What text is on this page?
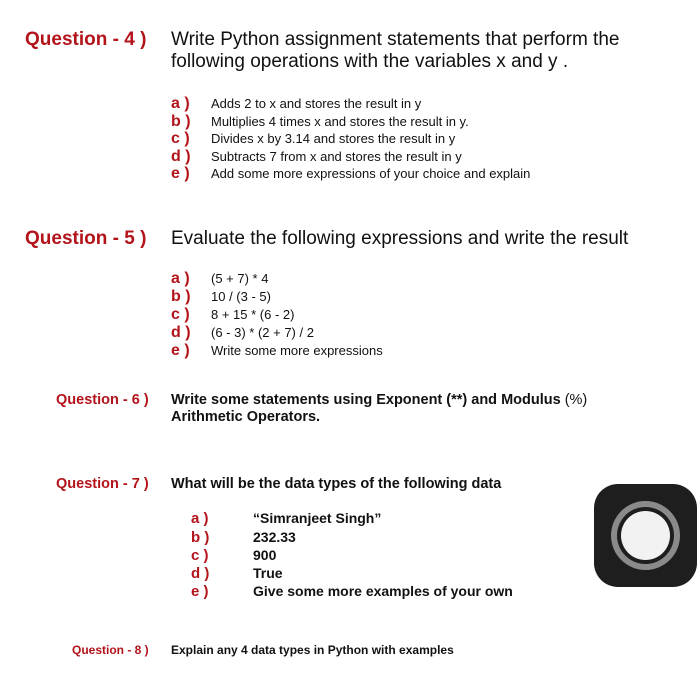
Question - 4 ) Write Python assignment statements that perform the
following operations with the variables x and y .
a ) Adds 2 to x and stores the result in y
b ) Multiplies 4 times x and stores the result in y.
c ) Divides x by 3.14 and stores the result in y
d ) Subtracts 7 from x and stores the result in y
e ) Add some more expressions of your choice and explain
Question - 5 ) Evaluate the following expressions and write the result
a ) (5 + 7) * 4
b ) 10 / (3 - 5)
c ) 8 + 15 * (6 - 2)
d ) (6 - 3) * (2 + 7) / 2
e ) Write some more expressions
Question - 6 ) Write some statements using Exponent (**) and Modulus (%)
Arithmetic Operators.
Question - 7 ) What will be the data types of the following data
a )	“Simranjeet Singh”
b )	232.33
c )	900
d )	True
e )	Give some more examples of your own
Question - 8 ) Explain any 4 data types in Python with examples
